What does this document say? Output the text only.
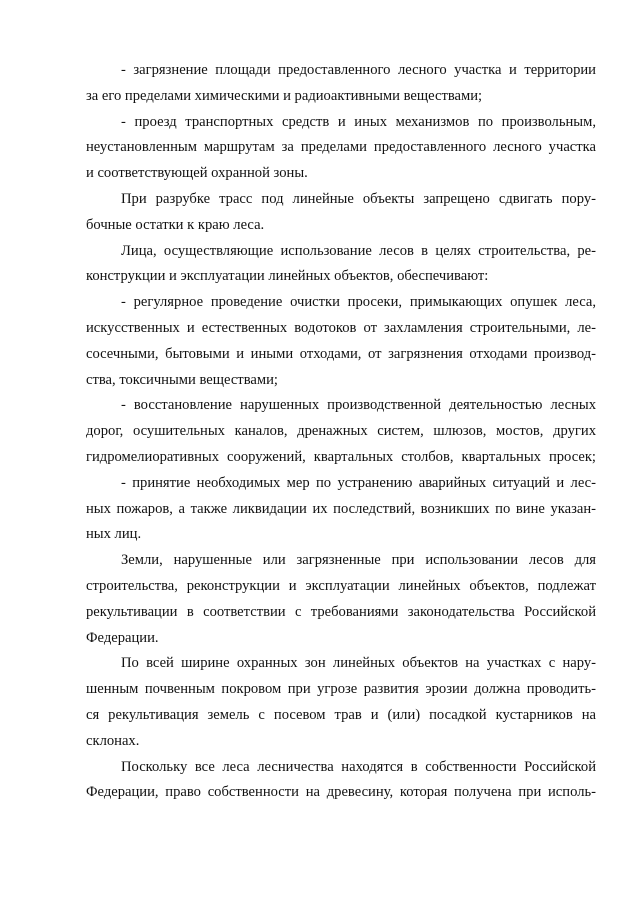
- загрязнение площади предоставленного лесного участка и территории
за его пределами химическими и радиоактивными веществами;
- проезд транспортных средств и иных механизмов по произвольным,
неустановленным маршрутам за пределами предоставленного лесного участка
и соответствующей охранной зоны.
При разрубке трасс под линейные объекты запрещено сдвигать пору-
бочные остатки к краю леса.
Лица, осуществляющие использование лесов в целях строительства, ре-
конструкции и эксплуатации линейных объектов, обеспечивают:
- регулярное проведение очистки просеки, примыкающих опушек леса,
искусственных и естественных водотоков от захламления строительными, ле-
сосечными, бытовыми и иными отходами, от загрязнения отходами производ-
ства, токсичными веществами;
- восстановление нарушенных производственной деятельностью лесных
дорог, осушительных каналов, дренажных систем, шлюзов, мостов, других
гидромелиоративных сооружений, квартальных столбов, квартальных просек;
- принятие необходимых мер по устранению аварийных ситуаций и лес-
ных пожаров, а также ликвидации их последствий, возникших по вине указан-
ных лиц.
Земли, нарушенные или загрязненные при использовании лесов для
строительства, реконструкции и эксплуатации линейных объектов, подлежат
рекультивации в соответствии с требованиями законодательства Российской
Федерации.
По всей ширине охранных зон линейных объектов на участках с нару-
шенным почвенным покровом при угрозе развития эрозии должна проводить-
ся рекультивация земель с посевом трав и (или) посадкой кустарников на
склонах.
Поскольку все леса лесничества находятся в собственности Российской
Федерации, право собственности на древесину, которая получена при исполь-
